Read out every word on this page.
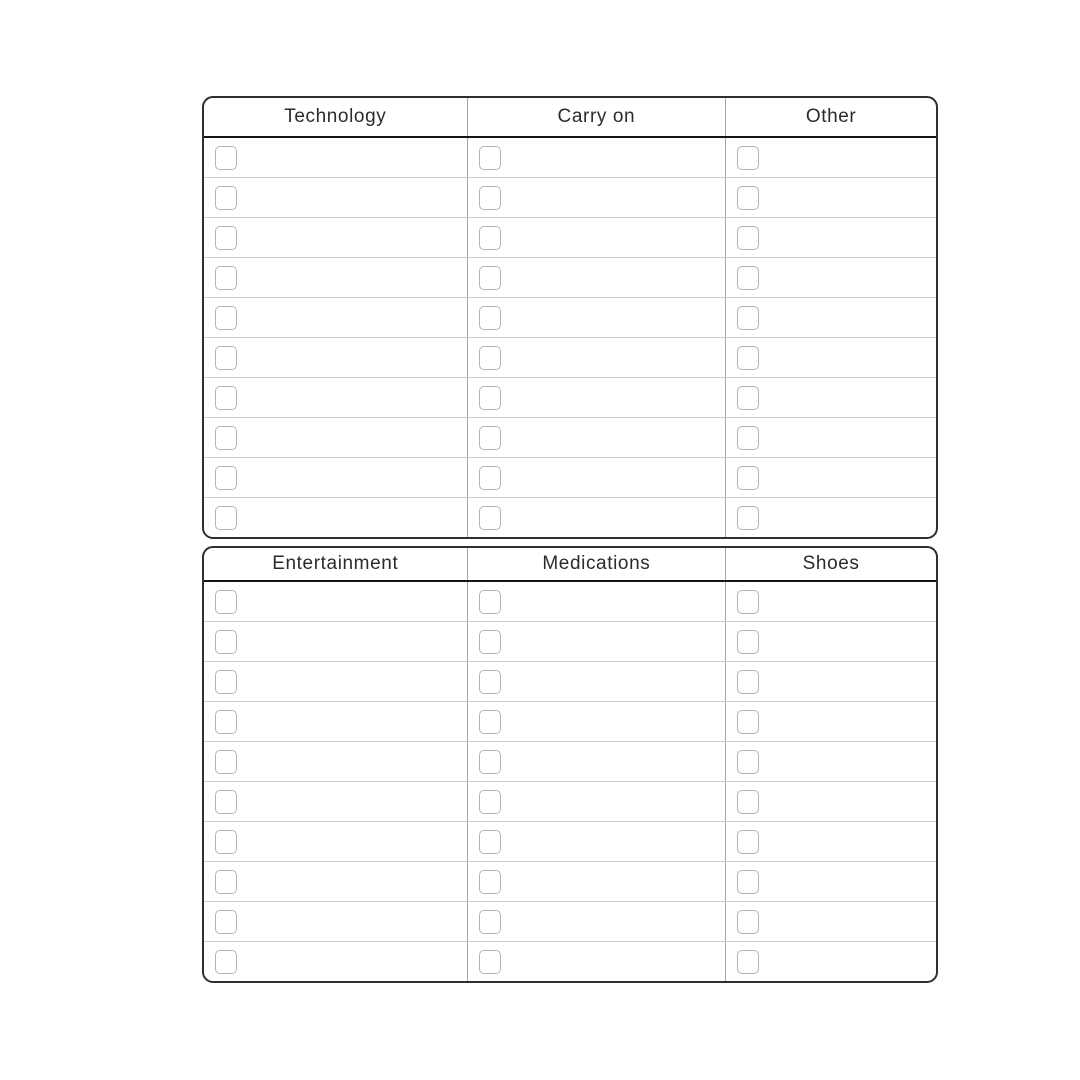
Technology	Carry on	Other
Entertainment	Medications	Shoes
